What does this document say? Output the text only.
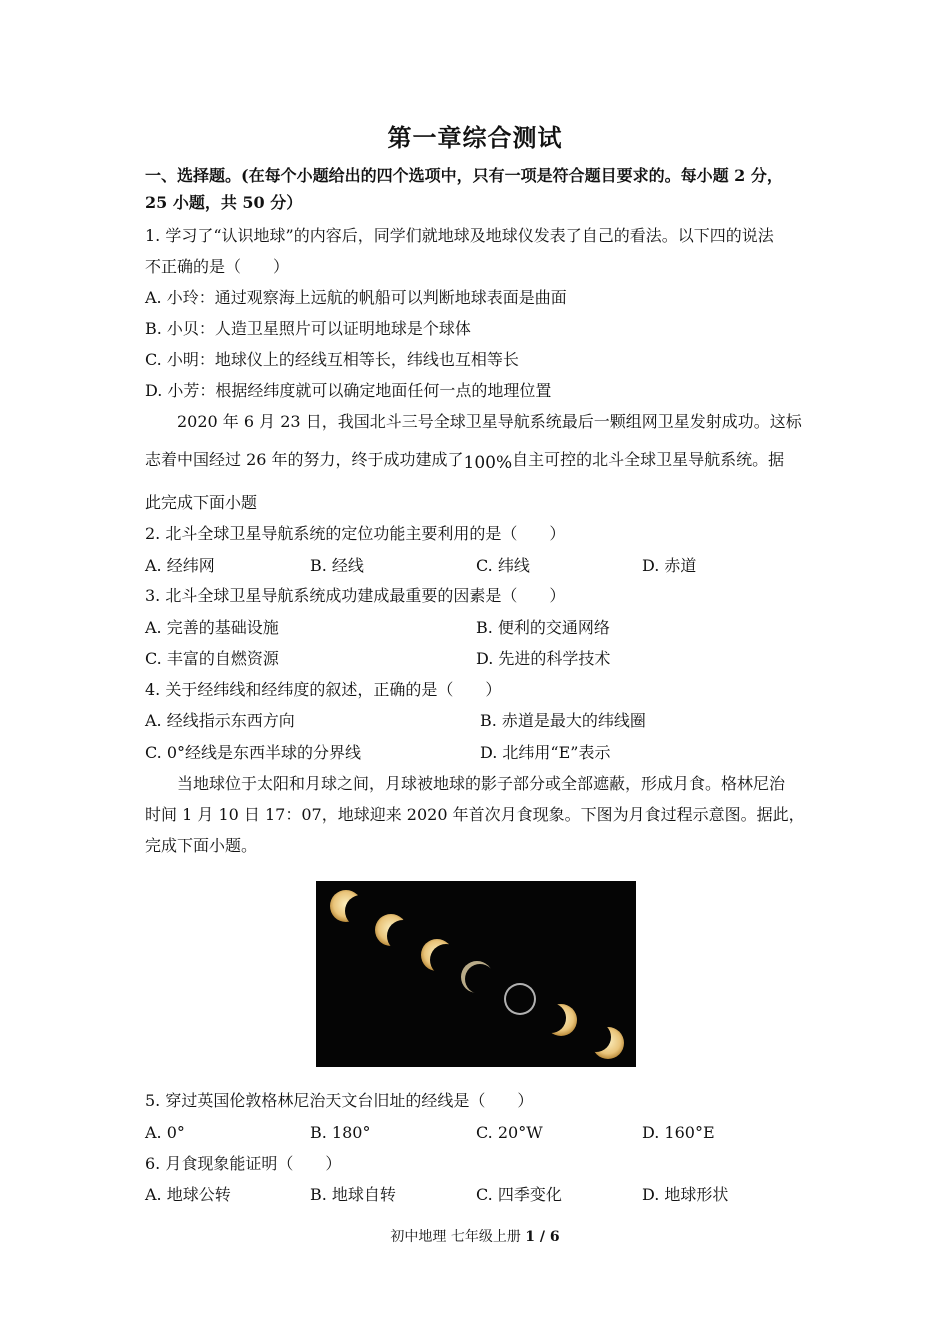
第一章综合测试
一、选择题。(在每个小题给出的四个选项中，只有一项是符合题目要求的。每小题 2 分，
25 小题，共 50 分）
1. 学习了“认识地球”的内容后，同学们就地球及地球仪发表了自己的看法。以下四的说法
不正确的是（　　）
A. 小玲：通过观察海上远航的帆船可以判断地球表面是曲面
B. 小贝：人造卫星照片可以证明地球是个球体
C. 小明：地球仪上的经线互相等长，纬线也互相等长
D. 小芳：根据经纬度就可以确定地面任何一点的地理位置
2020 年 6 月 23 日，我国北斗三号全球卫星导航系统最后一颗组网卫星发射成功。这标
志着中国经过 26 年的努力，终于成功建成了100%自主可控的北斗全球卫星导航系统。据
此完成下面小题
2. 北斗全球卫星导航系统的定位功能主要利用的是（　　）
A. 经纬网	B. 经线	C. 纬线	D. 赤道
3. 北斗全球卫星导航系统成功建成最重要的因素是（　　）
A. 完善的基础设施	B. 便利的交通网络
C. 丰富的自燃资源	D. 先进的科学技术
4. 关于经纬线和经纬度的叙述，正确的是（　　）
A. 经线指示东西方向	B. 赤道是最大的纬线圈
C. 0°经线是东西半球的分界线	D. 北纬用“E”表示
当地球位于太阳和月球之间，月球被地球的影子部分或全部遮蔽，形成月食。格林尼治
时间 1 月 10 日 17：07，地球迎来 2020 年首次月食现象。下图为月食过程示意图。据此，
完成下面小题。
5. 穿过英国伦敦格林尼治天文台旧址的经线是（　　）
A. 0°	B. 180°	C. 20°W	D. 160°E
6. 月食现象能证明（　　）
A. 地球公转	B. 地球自转	C. 四季变化	D. 地球形状
初中地理 七年级上册 1 / 6
